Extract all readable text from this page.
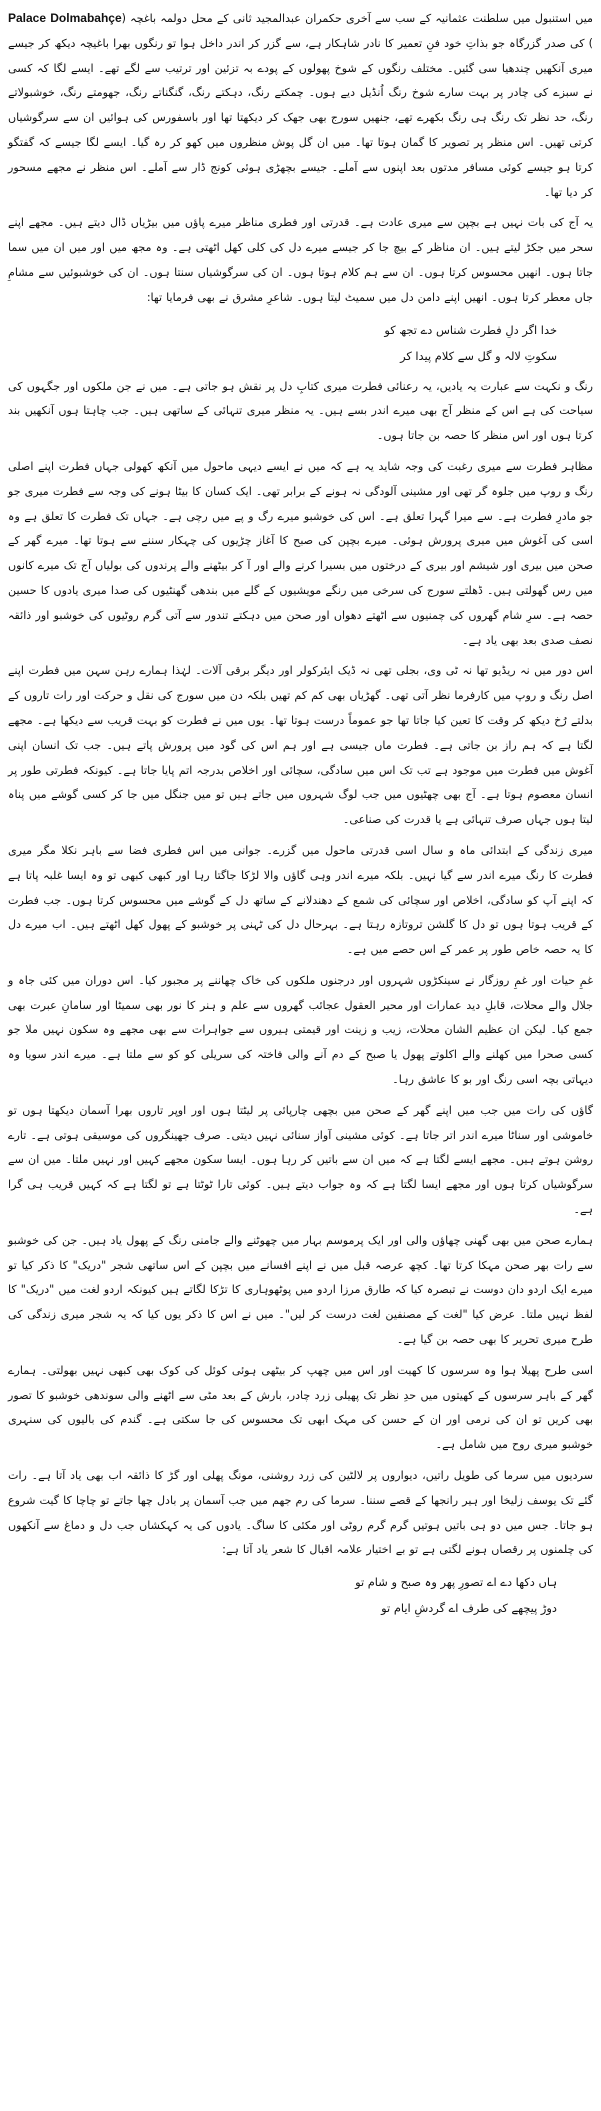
میں استنبول میں سلطنت عثمانیہ کے سب سے آخری حکمران عبدالمجید ثانی کے محل دولمہ باغچہ (Dolmabahçe Palace) کی صدر گزرگاہ جو بذاتِ خود فنِ تعمیر کا نادر شاہکار ہے، سے گزر کر اندر داخل ہوا تو رنگوں بھرا باغیچہ دیکھ کر جیسے میری آنکھیں چندھیا سی گئیں۔ مختلف رنگوں کے شوخ پھولوں کے پودے بہ تزئین اور ترتیب سے لگے تھے۔ ایسے لگا کہ کسی نے سبزے کی چادر پر بہت سارے شوخ رنگ اُنڈیل دیے ہوں۔ چمکتے رنگ، دہکتے رنگ، گنگناتے رنگ، جھومتے رنگ، خوشبولاتے رنگ، حد نظر تک رنگ ہی رنگ بکھرے تھے، جنھیں سورج بھی جھک کر دیکھتا تھا اور باسفورس کی ہوائیں ان سے سرگوشیاں کرتی تھیں۔ اس منظر پر تصویر کا گمان ہوتا تھا۔ میں ان گل پوش منظروں میں کھو کر رہ گیا۔ ایسے لگا جیسے کہ گفتگو کرتا ہو جیسے کوئی مسافر مدتوں بعد اپنوں سے آملے۔ جیسے بچھڑی ہوئی کونج ڈار سے آملے۔ اس منظر نے مجھے مسحور کر دیا تھا۔

یہ آج کی بات نہیں ہے بچپن سے میری عادت ہے۔ قدرتی اور فطری مناظر میرے پاؤں میں بیڑیاں ڈال دیتے ہیں۔ مجھے اپنے سحر میں جکڑ لیتے ہیں۔ ان مناظر کے بیچ جا کر جیسے میرے دل کی کلی کھل اٹھتی ہے۔ وہ مجھ میں اور میں ان میں سما جاتا ہوں۔ انھیں محسوس کرتا ہوں۔ ان سے ہم کلام ہوتا ہوں۔ ان کی سرگوشیاں سنتا ہوں۔ ان کی خوشبوئیں سے مشامِ جاں معطر کرتا ہوں۔ انھیں اپنے دامن دل میں سمیٹ لیتا ہوں۔ شاعرِ مشرق نے بھی فرمایا تھا:

خدا اگر دلِ فطرت شناس دے تجھ کو
سکوتِ لالہ و گل سے کلام پیدا کر

رنگ و نکہت سے عبارت یہ یادیں، یہ رعنائی فطرت میری کتابِ دل پر نقش ہو جاتی ہے۔ میں نے جن ملکوں اور جگہوں کی سیاحت کی ہے اس کے منظر آج بھی میرے اندر بسے ہیں۔ یہ منظر میری تنہائی کے ساتھی ہیں۔ جب چاہتا ہوں آنکھیں بند کرتا ہوں اور اس منظر کا حصہ بن جاتا ہوں۔

مظاہر فطرت سے میری رغبت کی وجہ شاید یہ ہے کہ میں نے ایسے دیہی ماحول میں آنکھ کھولی جہاں فطرت اپنے اصلی رنگ و روپ میں جلوہ گر تھی اور مشینی آلودگی نہ ہونے کے برابر تھی۔ ایک کسان کا بیٹا ہونے کی وجہ سے فطرت میری جو جو مادرِ فطرت ہے۔ سے میرا گہرا تعلق ہے۔ اس کی خوشبو میرے رگ و پے میں رچی ہے۔ جہاں تک فطرت کا تعلق ہے وہ اسی کی آغوش میں میری پرورش ہوئی۔ میرے بچپن کی صبح کا آغاز چڑیوں کی چہکار سننے سے ہوتا تھا۔ میرے گھر کے صحن میں بیری اور شیشم اور بیری کے درختوں میں بسیرا کرنے والے اور آ کر بیٹھنے والے پرندوں کی بولیاں آج تک میرے کانوں میں رس گھولتی ہیں۔ ڈھلتے سورج کی سرخی میں رنگے مویشیوں کے گلے میں بندھی گھنٹیوں کی صدا میری یادوں کا حسین حصہ ہے۔ سرِ شام گھروں کی چمنیوں سے اٹھتے دھواں اور صحن میں دہکتے تندور سے آتی گرم روٹیوں کی خوشبو اور ذائقہ نصف صدی بعد بھی یاد ہے۔

اس دور میں نہ ریڈیو تھا نہ ٹی وی، بجلی تھی نہ ڈیک ایئرکولر اور دیگر برقی آلات۔ لہٰذا ہمارے رہن سہن میں فطرت اپنے اصل رنگ و روپ میں کارفرما نظر آتی تھی۔ گھڑیاں بھی کم کم تھیں بلکہ دن میں سورج کی نقل و حرکت اور رات تاروں کے بدلتے رُخ دیکھ کر وقت کا تعین کیا جاتا تھا جو عموماً درست ہوتا تھا۔ یوں میں نے فطرت کو بہت قریب سے دیکھا ہے۔ مجھے لگتا ہے کہ ہم راز بن جاتی ہے۔ فطرت ماں جیسی ہے اور ہم اس کی گود میں پرورش پاتے ہیں۔ جب تک انسان اپنی آغوش میں فطرت میں موجود ہے تب تک اس میں سادگی، سچائی اور اخلاص بدرجہ اتم پایا جاتا ہے۔ کیونکہ فطرتی طور پر انسان معصوم ہوتا ہے۔ آج بھی چھٹیوں میں جب لوگ شہروں میں جاتے ہیں تو میں جنگل میں جا کر کسی گوشے میں پناہ لیتا ہوں جہاں صرف تنہائی ہے یا قدرت کی صناعی۔

میری زندگی کے ابتدائی ماہ و سال اسی قدرتی ماحول میں گزرے۔ جوانی میں اس فطری فضا سے باہر نکلا مگر میری فطرت کا رنگ میرے اندر سے گیا نہیں۔ بلکہ میرے اندر وہی گاؤں والا لڑکا جاگتا رہا اور کبھی کبھی تو وہ ایسا غلبہ پاتا ہے کہ اپنے آپ کو سادگی، اخلاص اور سچائی کی شمع کے دھندلانے کے ساتھ دل کے گوشے میں محسوس کرتا ہوں۔ جب فطرت کے قریب ہوتا ہوں تو دل کا گلشن تروتازہ رہتا ہے۔ بہرحال دل کی ٹہنی پر خوشبو کے پھول کھل اٹھتے ہیں۔ اب میرے دل کا یہ حصہ خاص طور پر عمر کے اس حصے میں ہے۔

غمِ حیات اور غمِ روزگار نے سینکڑوں شہروں اور درجنوں ملکوں کی خاک چھاننے پر مجبور کیا۔ اس دوران میں کئی جاہ و جلال والے محلات، قابلِ دید عمارات اور محیر العقول عجائب گھروں سے علم و ہنر کا نور بھی سمیٹا اور سامانِ عبرت بھی جمع کیا۔ لیکن ان عظیم الشان محلات، زیب و زینت اور قیمتی ہیروں سے جواہرات سے بھی مجھے وہ سکون نہیں ملا جو کسی صحرا میں کھلنے والے اکلوتے پھول یا صبح کے دم آنے والی فاختہ کی سریلی کو کو سے ملتا ہے۔ میرے اندر سویا وہ دیہاتی بچہ اسی رنگ اور بو کا عاشق رہا۔

گاؤں کی رات میں جب میں اپنے گھر کے صحن میں بچھی چارپائی پر لیٹتا ہوں اور اوپر تاروں بھرا آسمان دیکھتا ہوں تو خاموشی اور سناٹا میرے اندر اتر جاتا ہے۔ کوئی مشینی آواز سنائی نہیں دیتی۔ صرف جھینگروں کی موسیقی ہوتی ہے۔ تارے روشن ہوتے ہیں۔ مجھے ایسے لگتا ہے کہ میں ان سے باتیں کر رہا ہوں۔ ایسا سکون مجھے کہیں اور نہیں ملتا۔ میں ان سے سرگوشیاں کرتا ہوں اور مجھے ایسا لگتا ہے کہ وہ جواب دیتے ہیں۔ کوئی تارا ٹوٹتا ہے تو لگتا ہے کہ کہیں قریب ہی گرا ہے۔

ہمارے صحن میں بھی گھنی چھاؤں والی اور ایک پرموسم بہار میں چھوٹنے والے جامنی رنگ کے پھول یاد ہیں۔ جن کی خوشبو سے رات بھر صحن مہکا کرتا تھا۔ کچھ عرصہ قبل میں نے اپنے افسانے میں بچپن کے اس ساتھی شجر "دریک" کا ذکر کیا تو میرے ایک اردو دان دوست نے تبصرہ کیا کہ طارق مرزا اردو میں پوٹھوہاری کا تڑکا لگاتے ہیں کیونکہ اردو لغت میں "دریک" کا لفظ نہیں ملتا۔ عرض کیا "لغت کے مصنفین لغت درست کر لیں"۔ میں نے اس کا ذکر یوں کیا کہ یہ شجر میری زندگی کی طرح میری تحریر کا بھی حصہ بن گیا ہے۔

اسی طرح پھیلا ہوا وہ سرسوں کا کھیت اور اس میں چھپ کر بیٹھی ہوئی کوئل کی کوک بھی کبھی نہیں بھولتی۔ ہمارے گھر کے باہر سرسوں کے کھیتوں میں حدِ نظر تک پھیلی زرد چادر، بارش کے بعد مٹی سے اٹھنے والی سوندھی خوشبو کا تصور بھی کریں تو ان کی نرمی اور ان کے حسن کی مہک ابھی تک محسوس کی جا سکتی ہے۔ گندم کی بالیوں کی سنہری خوشبو میری روح میں شامل ہے۔

سردیوں میں سرما کی طویل راتیں، دیواروں پر لالٹین کی زرد روشنی، مونگ پھلی اور گڑ کا ذائقہ اب بھی یاد آتا ہے۔ رات گئے تک یوسف زلیخا اور ہیر رانجھا کے قصے سننا۔ سرما کی رم جھم میں جب آسمان پر بادل چھا جاتے تو چاچا کا گیت شروع ہو جاتا۔ جس میں دو ہی باتیں ہوتیں گرم گرم روٹی اور مکئی کا ساگ۔ یادوں کی یہ کہکشاں جب دل و دماغ سے آنکھوں کی چلمنوں پر رقصاں ہونے لگتی ہے تو بے اختیار علامہ اقبال کا شعر یاد آتا ہے:

ہاں دکھا دے اے تصورِ پھر وہ صبح و شام تو
دوڑ پیچھے کی طرف اے گردشِ ایام تو
